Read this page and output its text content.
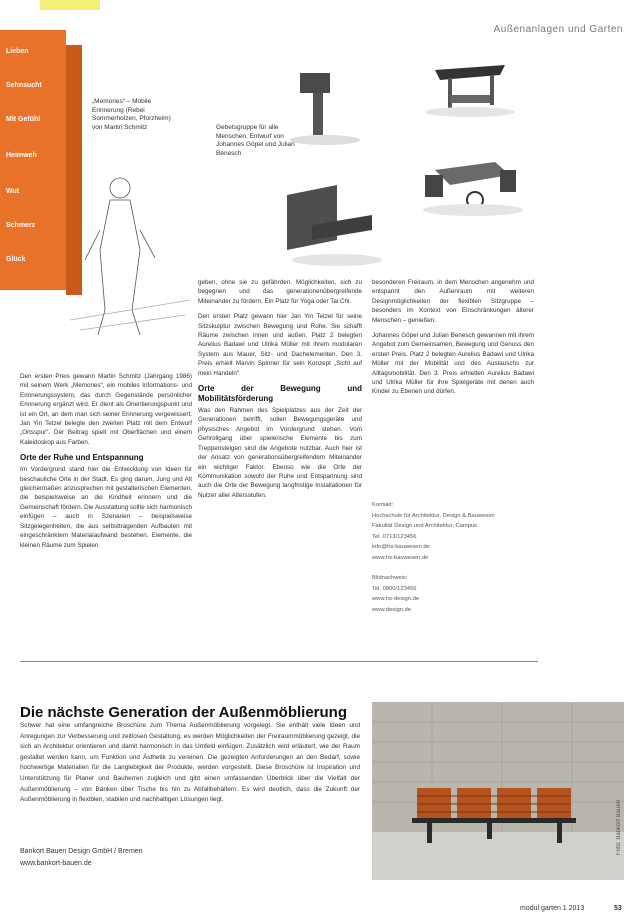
Außenanlagen und Garten
Lieben
Sehnsucht
Mit Gefühl
Heimweh
Wut
Schmerz
Glück
„Memories“ – Mobile Erinnerung (Rebel Sommerholzen, Pforzheim) von Martin Schmitz	Gebetsgruppe für alle Menschen. Entwurf von Johannes Göpel und Julian Benesch

Den ersten Preis gewann Martin Schmitz (Jahrgang 1986) mit seinem Werk „Memories“, ein mobiles Informations- und Erinnerungssystem, das durch Gegenstände persönlicher Erinnerung ergänzt wird. Er dient als Orientierungspunkt und ist ein Ort, an dem man sich seiner Erinnerung vergewissert. Jan Yin Tetzel belegte den zweiten Platz mit dem Entwurf „Ortsspur“. Der Beitrag spielt mit Oberflächen und einem Kaleidoskop aus Farben.

Orte der Ruhe und Entspannung

Im Vordergrund stand hier die Entwicklung von Ideen für beschauliche Orte in der Stadt. Es ging darum, Jung und Alt gleichermaßen anzusprechen mit gestalterischen Elementen, die beispielsweise an die Kindheit erinnern und die Gemeinschaft fördern. Die Ausstattung sollte sich harmonisch einfügen – auch in Szenarien – beispielsweise Sitzgelegenheiten, die aus selbsttragenden Aufbauten mit eingeschränktem Materialaufwand bestehen. Elemente, die kleinen Räume zum Spielen

geben, ohne sie zu gefährden. Möglichkeiten, sich zu begegnen und das generationenübergreifende Miteinander zu fördern. Ein Platz für Yoga oder Tai Chi.

Den ersten Platz gewann hier Jan Yin Tetzel für seine Sitzskulptur zwischen Bewegung und Ruhe. Sie schafft Räume zwischen innen und außen. Platz 2 belegten Aurelius Badawi und Ulrika Müller mit ihrem modularen System aus Mauer, Sitz- und Dachelementen. Den 3. Preis erhielt Marvin Spinner für sein Konzept „Sicht auf mein Handeln“.

Orte der Bewegung und Mobilitätsförderung

Was den Rahmen des Spielplatzes aus der Zeit der Generationen betrifft, sollen Bewegungsgeräte und physisches Angebot im Vordergrund stehen. Vom Gehrollgang über spielerische Elemente bis zum Treppensteigen sind die Angebote nutzbar. Auch hier ist der Ansatz von generationsübergreifendem Miteinander ein wichtiger Faktor. Ebenso wie die Orte der Kommunikation sowohl der Ruhe und Entspannung sind auch die Orte der Bewegung langfristige Installationen für Nutzer aller Altersstufen.

besonderen Freiraum, in dem Menschen angenehm und entspannt den Außenraum mit weiteren Designmöglichkeiten der flexiblen Sitzgruppe – besonders im Kontext von Einschränkungen älterer Menschen – genießen.

Johannes Göpel und Julian Benesch gewannen mit ihrem Angebot zum Gemeinsamen, Bewegung und Genuss den ersten Preis. Platz 2 belegten Aurelius Badawi und Ulrika Müller mit der Mobilität und des Austauschs zur Alltagsmobilität. Den 3. Preis erhielten Aurelius Badawi und Ulrika Müller für ihre Spielgeräte mit denen auch Kinder zu Ebenen und dürfen.

Kontakt:
Hochschule für Architektur, Design & Bauwesen
Fakultät Design und Architektur, Campus
Tel. 0713/123456
info@hs-bauwesen.de
www.hs-bauwesen.de
Bildnachweis:
Tel. 0800/123456
www.hs-design.de
www.design.de
Die nächste Generation der Außenmöblierung
Schwer hat eine umfangreiche Broschüre zum Thema Außenmöblierung vorgelegt. Sie enthält viele Ideen und Anregungen zur Verbesserung und zeitlosen Gestaltung, es werden Möglichkeiten der Freiraummöblierung gezeigt, die sich an Architektur orientieren und damit harmonisch in das Umfeld einfügen. Zusätzlich wird erläutert, wie der Raum gestaltet werden kann, um Funktion und Ästhetik zu vereinen. Die gezeigten Anforderungen an den Bedarf, sowie hochwertige Materialien für die Langlebigkeit der Produkte, werden vorgestellt. Diese Broschüre ist Inspiration und Unterstützung für Planer und Bauherren zugleich und gibt einen umfassenden Überblick über die Vielfalt der Außenmöblierung – von Bänken über Tische bis hin zu Abfallbehältern. Es wird deutlich, dass die Zukunft der Außenmöblierung in flexiblen, stabilen und nachhaltigen Lösungen liegt.
Bankort Bauen Design GmbH / Bremen
www.bankort-bauen.de
Foto: Bankort Bauen
modul garten 1 2013	53
